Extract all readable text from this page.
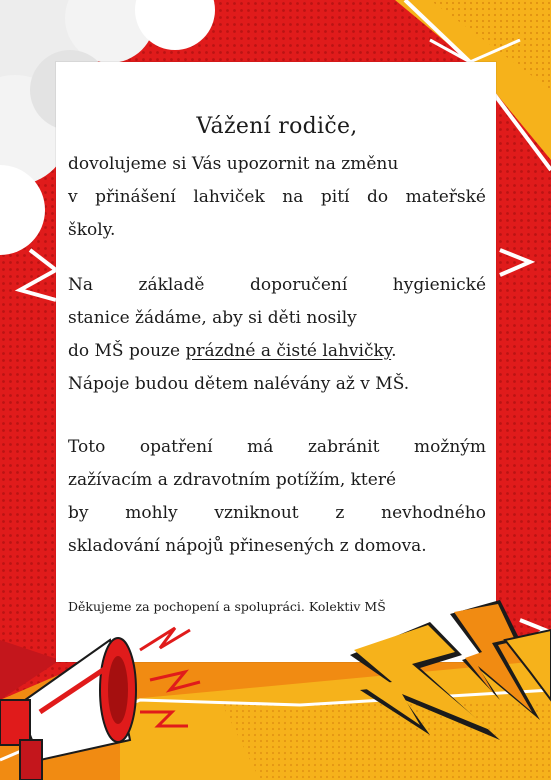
Vážení rodiče,

dovolujeme si Vás upozornit na změnu
v přinášení lahviček na pití do mateřské
školy.

Na základě doporučení hygienické
stanice žádáme, aby si děti nosily
do MŠ pouze prázdné a čisté lahvičky.
Nápoje budou dětem nalévány až v MŠ.

Toto opatření má zabránit možným
zažívacím a zdravotním potížím, které
by mohly vzniknout z nevhodného
skladování nápojů přinesených z domova.

Děkujeme za pochopení a spolupráci. Kolektiv MŠ
